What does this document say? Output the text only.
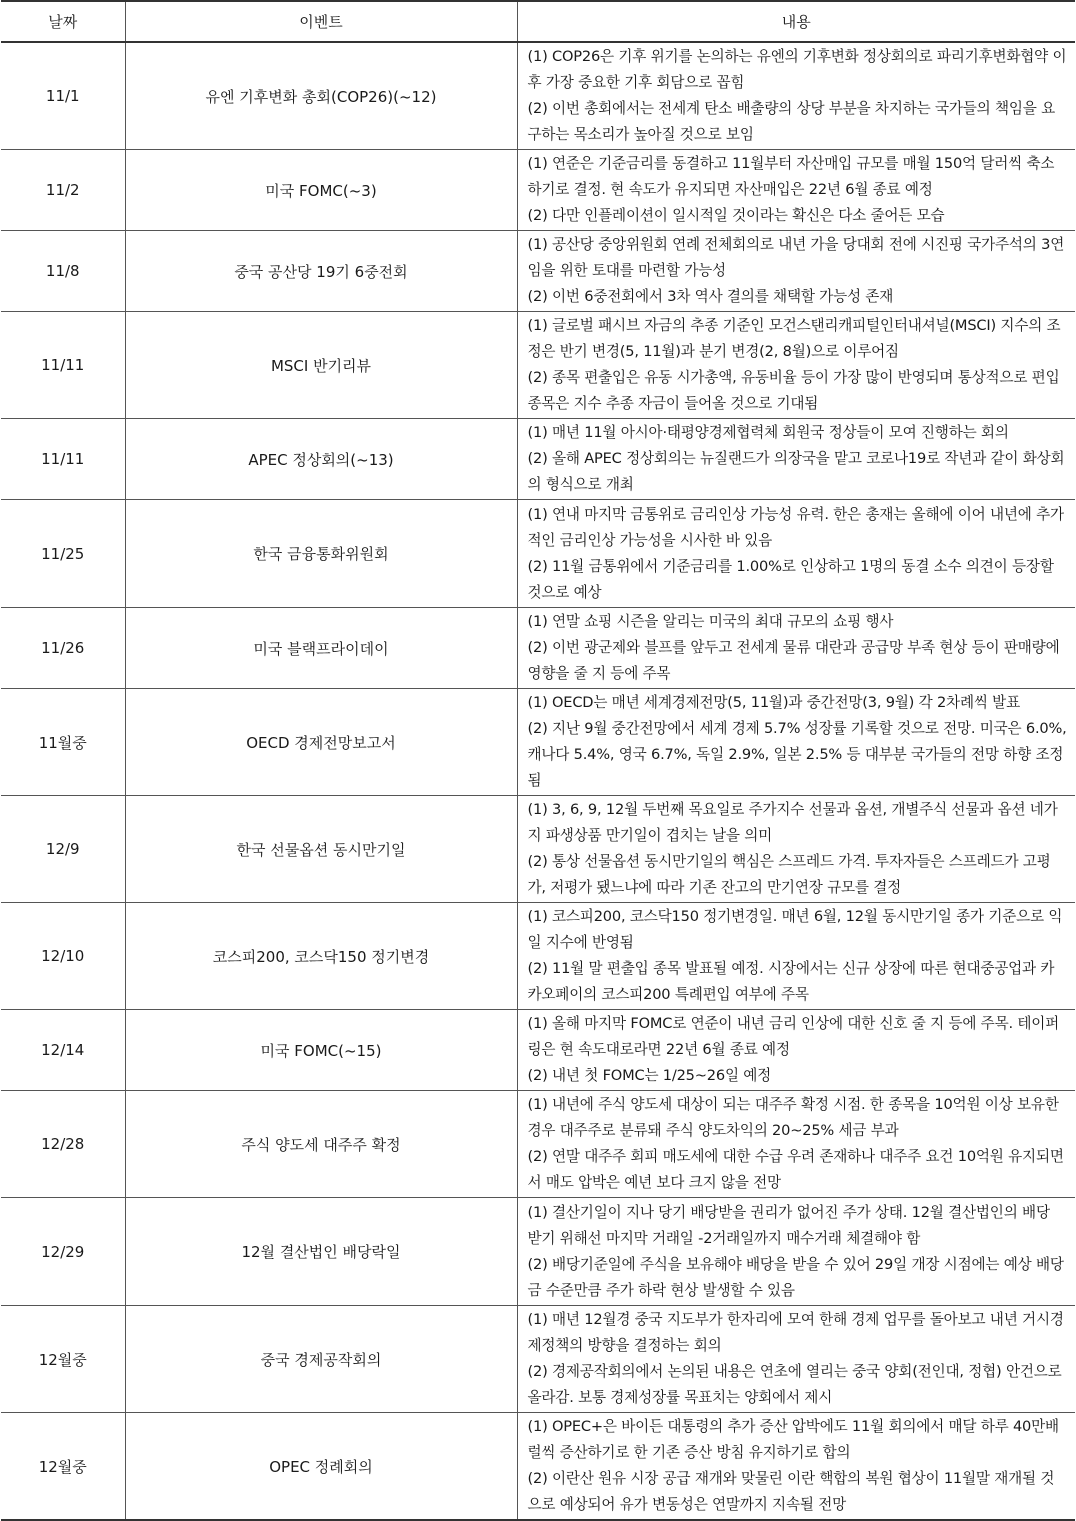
날짜	이벤트	내용
11/1	유엔 기후변화 총회(COP26)(~12)	(1) COP26은 기후 위기를 논의하는 유엔의 기후변화 정상회의로 파리기후변화협약 이후 가장 중요한 기후 회담으로 꼽힘

(2) 이번 총회에서는 전세계 탄소 배출량의 상당 부분을 차지하는 국가들의 책임을 요구하는 목소리가 높아질 것으로 보임

11/2	미국 FOMC(~3)	(1) 연준은 기준금리를 동결하고 11월부터 자산매입 규모를 매월 150억 달러씩 축소하기로 결정. 현 속도가 유지되면 자산매입은 22년 6월 종료 예정

(2) 다만 인플레이션이 일시적일 것이라는 확신은 다소 줄어든 모습

11/8	중국 공산당 19기 6중전회	(1) 공산당 중앙위원회 연례 전체회의로 내년 가을 당대회 전에 시진핑 국가주석의 3연임을 위한 토대를 마련할 가능성

(2) 이번 6중전회에서 3차 역사 결의를 채택할 가능성 존재

11/11	MSCI 반기리뷰	(1) 글로벌 패시브 자금의 추종 기준인 모건스탠리캐피털인터내셔널(MSCI) 지수의 조정은 반기 변경(5, 11월)과 분기 변경(2, 8월)으로 이루어짐

(2) 종목 편출입은 유동 시가총액, 유동비율 등이 가장 많이 반영되며 통상적으로 편입 종목은 지수 추종 자금이 들어올 것으로 기대됨

11/11	APEC 정상회의(~13)	(1) 매년 11월 아시아·태평양경제협력체 회원국 정상들이 모여 진행하는 회의

(2) 올해 APEC 정상회의는 뉴질랜드가 의장국을 맡고 코로나19로 작년과 같이 화상회의 형식으로 개최

11/25	한국 금융통화위원회	(1) 연내 마지막 금통위로 금리인상 가능성 유력. 한은 총재는 올해에 이어 내년에 추가적인 금리인상 가능성을 시사한 바 있음

(2) 11월 금통위에서 기준금리를 1.00%로 인상하고 1명의 동결 소수 의견이 등장할 것으로 예상

11/26	미국 블랙프라이데이	(1) 연말 쇼핑 시즌을 알리는 미국의 최대 규모의 쇼핑 행사

(2) 이번 광군제와 블프를 앞두고 전세계 물류 대란과 공급망 부족 현상 등이 판매량에 영향을 줄 지 등에 주목

11월중	OECD 경제전망보고서	(1) OECD는 매년 세계경제전망(5, 11월)과 중간전망(3, 9월) 각 2차례씩 발표

(2) 지난 9월 중간전망에서 세계 경제 5.7% 성장률 기록할 것으로 전망. 미국은 6.0%, 캐나다 5.4%, 영국 6.7%, 독일 2.9%, 일본 2.5% 등 대부분 국가들의 전망 하향 조정됨

12/9	한국 선물옵션 동시만기일	(1) 3, 6, 9, 12월 두번째 목요일로 주가지수 선물과 옵션, 개별주식 선물과 옵션 네가지 파생상품 만기일이 겹치는 날을 의미

(2) 통상 선물옵션 동시만기일의 핵심은 스프레드 가격. 투자자들은 스프레드가 고평가, 저평가 됐느냐에 따라 기존 잔고의 만기연장 규모를 결정

12/10	코스피200, 코스닥150 정기변경	(1) 코스피200, 코스닥150 정기변경일. 매년 6월, 12월 동시만기일 종가 기준으로 익일 지수에 반영됨

(2) 11월 말 편출입 종목 발표될 예정. 시장에서는 신규 상장에 따른 현대중공업과 카카오페이의 코스피200 특례편입 여부에 주목

12/14	미국 FOMC(~15)	(1) 올해 마지막 FOMC로 연준이 내년 금리 인상에 대한 신호 줄 지 등에 주목. 테이퍼링은 현 속도대로라면 22년 6월 종료 예정

(2) 내년 첫 FOMC는 1/25~26일 예정

12/28	주식 양도세 대주주 확정	(1) 내년에 주식 양도세 대상이 되는 대주주 확정 시점. 한 종목을 10억원 이상 보유한 경우 대주주로 분류돼 주식 양도차익의 20~25% 세금 부과

(2) 연말 대주주 회피 매도세에 대한 수급 우려 존재하나 대주주 요건 10억원 유지되면서 매도 압박은 예년 보다 크지 않을 전망

12/29	12월 결산법인 배당락일	(1) 결산기일이 지나 당기 배당받을 권리가 없어진 주가 상태. 12월 결산법인의 배당 받기 위해선 마지막 거래일 -2거래일까지 매수거래 체결해야 함

(2) 배당기준일에 주식을 보유해야 배당을 받을 수 있어 29일 개장 시점에는 예상 배당금 수준만큼 주가 하락 현상 발생할 수 있음

12월중	중국 경제공작회의	(1) 매년 12월경 중국 지도부가 한자리에 모여 한해 경제 업무를 돌아보고 내년 거시경제정책의 방향을 결정하는 회의

(2) 경제공작회의에서 논의된 내용은 연초에 열리는 중국 양회(전인대, 정협) 안건으로 올라감. 보통 경제성장률 목표치는 양회에서 제시

12월중	OPEC 정례회의	(1) OPEC+은 바이든 대통령의 추가 증산 압박에도 11월 회의에서 매달 하루 40만배럴씩 증산하기로 한 기존 증산 방침 유지하기로 합의

(2) 이란산 원유 시장 공급 재개와 맞물린 이란 핵합의 복원 협상이 11월말 재개될 것으로 예상되어 유가 변동성은 연말까지 지속될 전망
